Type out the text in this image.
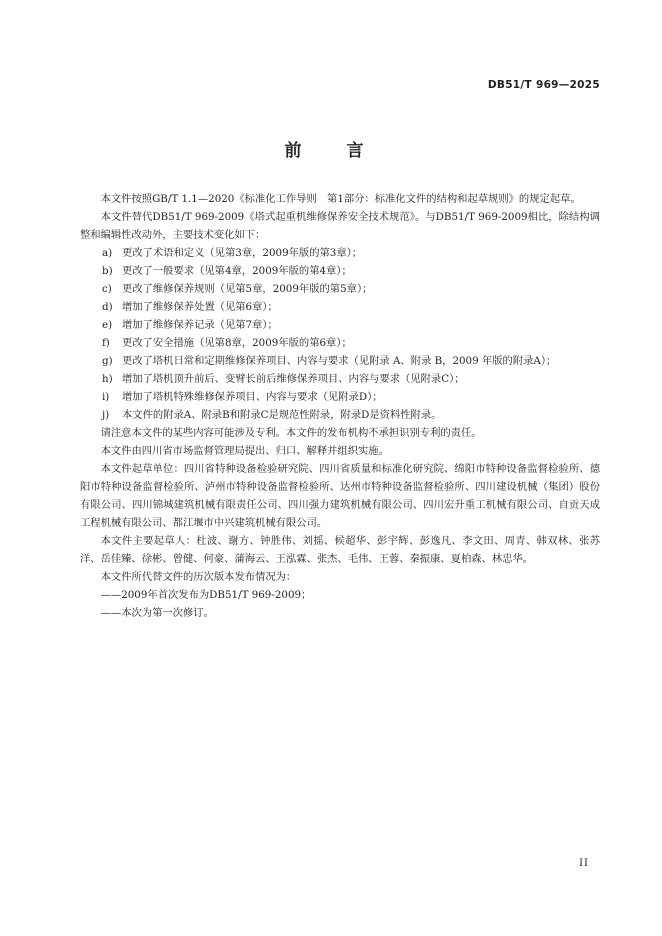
DB51/T 969—2025
前　言

本文件按照GB/T 1.1—2020《标准化工作导则　第1部分：标准化文件的结构和起草规则》的规定起草。

本文件替代DB51/T 969-2009《塔式起重机维修保养安全技术规范》。与DB51/T 969-2009相比，除结构调整和编辑性改动外，主要技术变化如下：

a) 更改了术语和定义（见第3章，2009年版的第3章）；

b) 更改了一般要求（见第4章，2009年版的第4章）；

c) 更改了维修保养规则（见第5章，2009年版的第5章）；

d) 增加了维修保养处置（见第6章）；

e) 增加了维修保养记录（见第7章）；

f) 更改了安全措施（见第8章，2009年版的第6章）；

g) 更改了塔机日常和定期维修保养项目、内容与要求（见附录 A、附录 B，2009 年版的附录A）；

h) 增加了塔机顶升前后、变臂长前后维修保养项目、内容与要求（见附录C）；

i) 增加了塔机特殊维修保养项目、内容与要求（见附录D）；

j) 本文件的附录A、附录B和附录C是规范性附录，附录D是资料性附录。

请注意本文件的某些内容可能涉及专利。本文件的发布机构不承担识别专利的责任。

本文件由四川省市场监督管理局提出、归口、解释并组织实施。

本文件起草单位：四川省特种设备检验研究院、四川省质量和标准化研究院、绵阳市特种设备监督检验所、德阳市特种设备监督检验所、泸州市特种设备监督检验所、达州市特种设备监督检验所、四川建设机械（集团）股份有限公司、四川锦城建筑机械有限责任公司、四川强力建筑机械有限公司、四川宏升重工机械有限公司、自贡天成工程机械有限公司、都江堰市中兴建筑机械有限公司。

本文件主要起草人：杜波、谢方、钟胜伟、刘摇、候超华、彭宇辉、彭逸凡、李文田、周青、韩双林、张苏洋、岳佳臻、徐彬、曾健、何豪、蒲海云、王泓霖、张杰、毛伟、王蓉、秦振康、夏柏森、林忠华。

本文件所代替文件的历次版本发布情况为：

——2009年首次发布为DB51/T 969-2009；

——本次为第一次修订。

II
